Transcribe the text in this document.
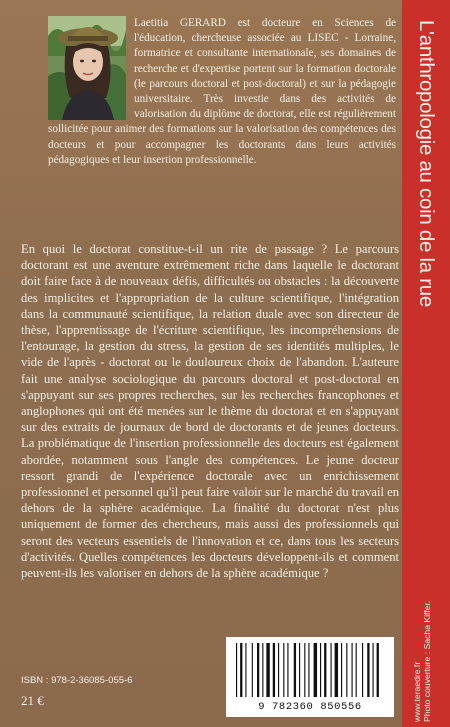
Laetitia GERARD est docteure en Sciences de l'éducation, chercheuse associée au LISEC - Lorraine, formatrice et consultante internationale, ses domaines de recherche et d'expertise portent sur la formation doctorale (le parcours doctoral et post-doctoral) et sur la pédagogie universitaire. Très investie dans des activités de valorisation du diplôme de doctorat, elle est régulièrement sollicitée pour animer des formations sur la valorisation des compétences des docteurs et pour accompagner les doctorants dans leurs activités pédagogiques et leur insertion professionnelle.

En quoi le doctorat constitue-t-il un rite de passage ? Le parcours doctorant est une aventure extrêmement riche dans laquelle le doctorant doit faire face à de nouveaux défis, difficultés ou obstacles : la découverte des implicites et l'appropriation de la culture scientifique, l'intégration dans la communauté scientifique, la relation duale avec son directeur de thèse, l'apprentissage de l'écriture scientifique, les incompréhensions de l'entourage, la gestion du stress, la gestion de ses identités multiples, le vide de l'après - doctorat ou le douloureux choix de l'abandon. L'auteure fait une analyse sociologique du parcours doctoral et post-doctoral en s'appuyant sur ses propres recherches, sur les recherches francophones et anglophones qui ont été menées sur le thème du doctorat et en s'appuyant sur des extraits de journaux de bord de doctorants et de jeunes docteurs. La problématique de l'insertion professionnelle des docteurs est également abordée, notamment sous l'angle des compétences. Le jeune docteur ressort grandi de l'expérience doctorale avec un enrichissement professionnel et personnel qu'il peut faire valoir sur le marché du travail en dehors de la sphère académique. La finalité du doctorat n'est plus uniquement de former des chercheurs, mais aussi des professionnels qui seront des vecteurs essentiels de l'innovation et ce, dans tous les secteurs d'activités. Quelles compétences les docteurs développent-ils et comment peuvent-ils les valoriser en dehors de la sphère académique ?

ISBN : 978-2-36085-055-6
21 €	9 782360 850556
L'anthropologie au coin de la rue
www.teraedre.fr Photo couverture : Sacha Kiffer.
